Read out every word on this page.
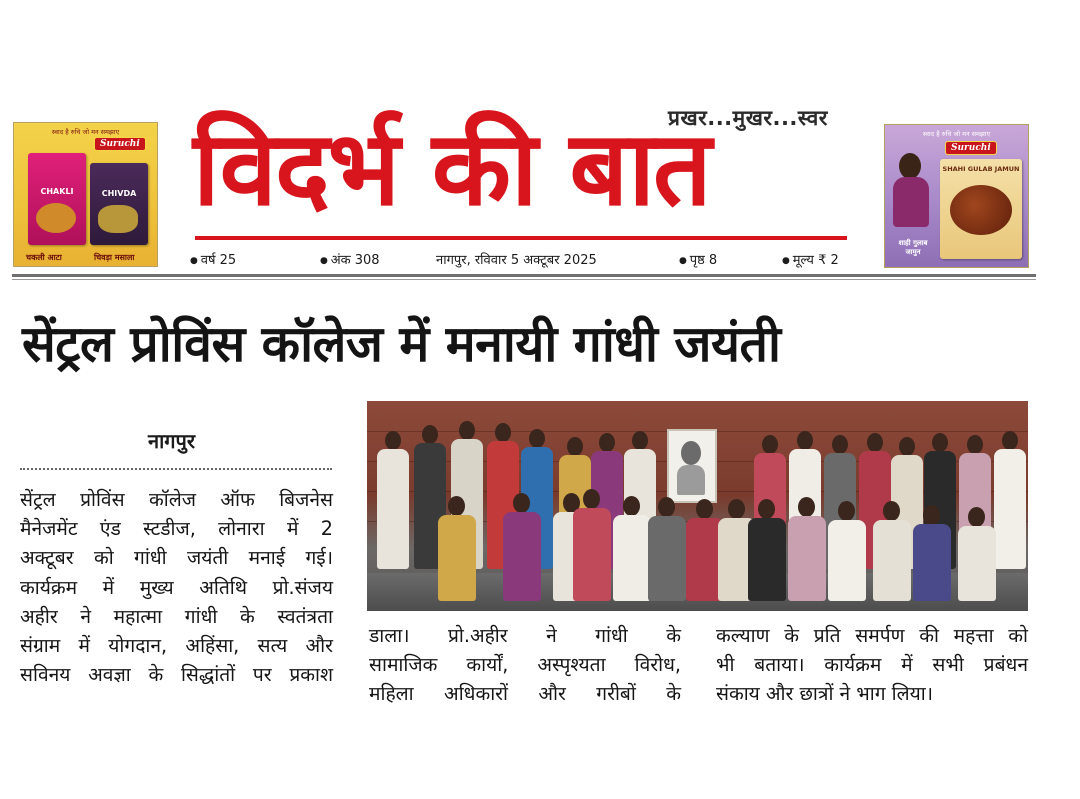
स्वाद है रुचि जो मन समझाए
Suruchi
CHAKLI	CHIVDA
चकली आटा	चिवड़ा मसाला
प्रखर...मुखर...स्वर
विदर्भ की बात
● वर्ष 25	● अंक 308	नागपुर, रविवार 5 अक्टूबर 2025	● पृष्ठ 8	● मूल्य ₹ 2
स्वाद है रुचि जो मन समझाए
Suruchi
SHAHI GULAB JAMUN
शाही गुलाब जामुन
सेंट्रल प्रोविंस कॉलेज में मनायी गांधी जयंती
नागपुर
सेंट्रल प्रोविंस कॉलेज ऑफ बिजनेस
मैनेजमेंट एंड स्टडीज, लोनारा में 2
अक्टूबर को गांधी जयंती मनाई गई।
कार्यक्रम में मुख्य अतिथि प्रो.संजय
अहीर ने महात्मा गांधी के स्वतंत्रता
संग्राम में योगदान, अहिंसा, सत्य और
सविनय अवज्ञा के सिद्धांतों पर प्रकाश
डाला। प्रो.अहीर ने गांधी के
सामाजिक कार्यों, अस्पृश्यता विरोध,
महिला अधिकारों और गरीबों के
कल्याण के प्रति समर्पण की महत्ता को
भी बताया। कार्यक्रम में सभी प्रबंधन
संकाय और छात्रों ने भाग लिया।
